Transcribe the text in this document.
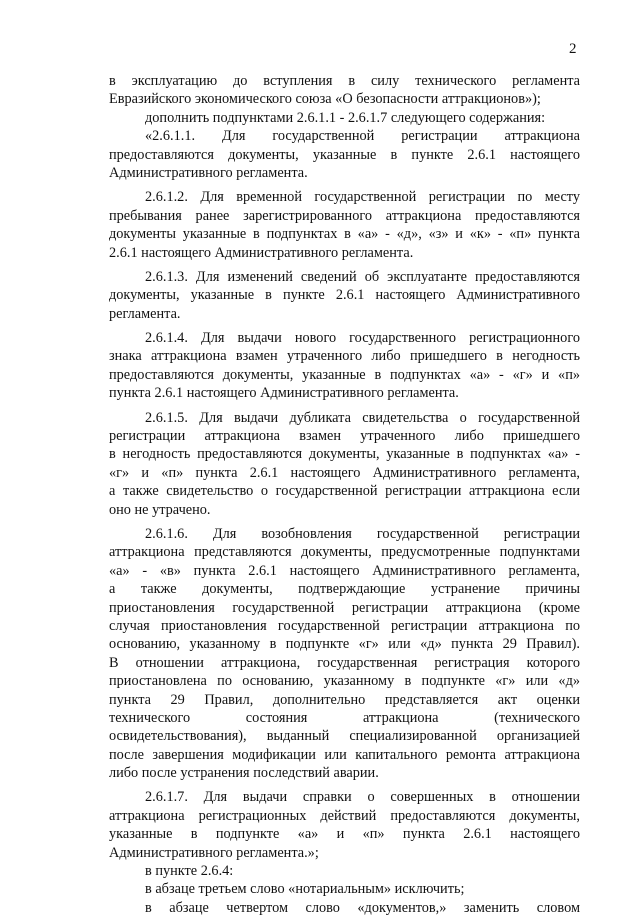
2
в эксплуатацию до вступления в силу технического регламента
Евразийского экономического союза «О безопасности аттракционов»);
дополнить подпунктами 2.6.1.1 - 2.6.1.7 следующего содержания:
«2.6.1.1. Для государственной регистрации аттракциона
предоставляются документы, указанные в пункте 2.6.1 настоящего
Административного регламента.
2.6.1.2. Для временной государственной регистрации по месту
пребывания ранее зарегистрированного аттракциона предоставляются
документы указанные в подпунктах в «а» - «д», «з» и «к» - «п» пункта
2.6.1 настоящего Административного регламента.
2.6.1.3. Для изменений сведений об эксплуатанте предоставляются
документы, указанные в пункте 2.6.1 настоящего Административного
регламента.
2.6.1.4. Для выдачи нового государственного регистрационного
знака аттракциона взамен утраченного либо пришедшего в негодность
предоставляются документы, указанные в подпунктах «а» - «г» и «п»
пункта 2.6.1 настоящего Административного регламента.
2.6.1.5. Для выдачи дубликата свидетельства о государственной
регистрации аттракциона взамен утраченного либо пришедшего
в негодность предоставляются документы, указанные в подпунктах «а» -
«г» и «п» пункта 2.6.1 настоящего Административного регламента,
а также свидетельство о государственной регистрации аттракциона если
оно не утрачено.
2.6.1.6. Для возобновления государственной регистрации
аттракциона представляются документы, предусмотренные подпунктами
«а» - «в» пункта 2.6.1 настоящего Административного регламента,
а также документы, подтверждающие устранение причины
приостановления государственной регистрации аттракциона (кроме
случая приостановления государственной регистрации аттракциона по
основанию, указанному в подпункте «г» или «д» пункта 29 Правил).
В отношении аттракциона, государственная регистрация которого
приостановлена по основанию, указанному в подпункте «г» или «д»
пункта 29 Правил, дополнительно представляется акт оценки
технического состояния аттракциона (технического
освидетельствования), выданный специализированной организацией
после завершения модификации или капитального ремонта аттракциона
либо после устранения последствий аварии.
2.6.1.7. Для выдачи справки о совершенных в отношении
аттракциона регистрационных действий предоставляются документы,
указанные в подпункте «а» и «п» пункта 2.6.1 настоящего
Административного регламента.»;
в пункте 2.6.4:
в абзаце третьем слово «нотариальным» исключить;
в абзаце четвертом слово «документов,» заменить словом
